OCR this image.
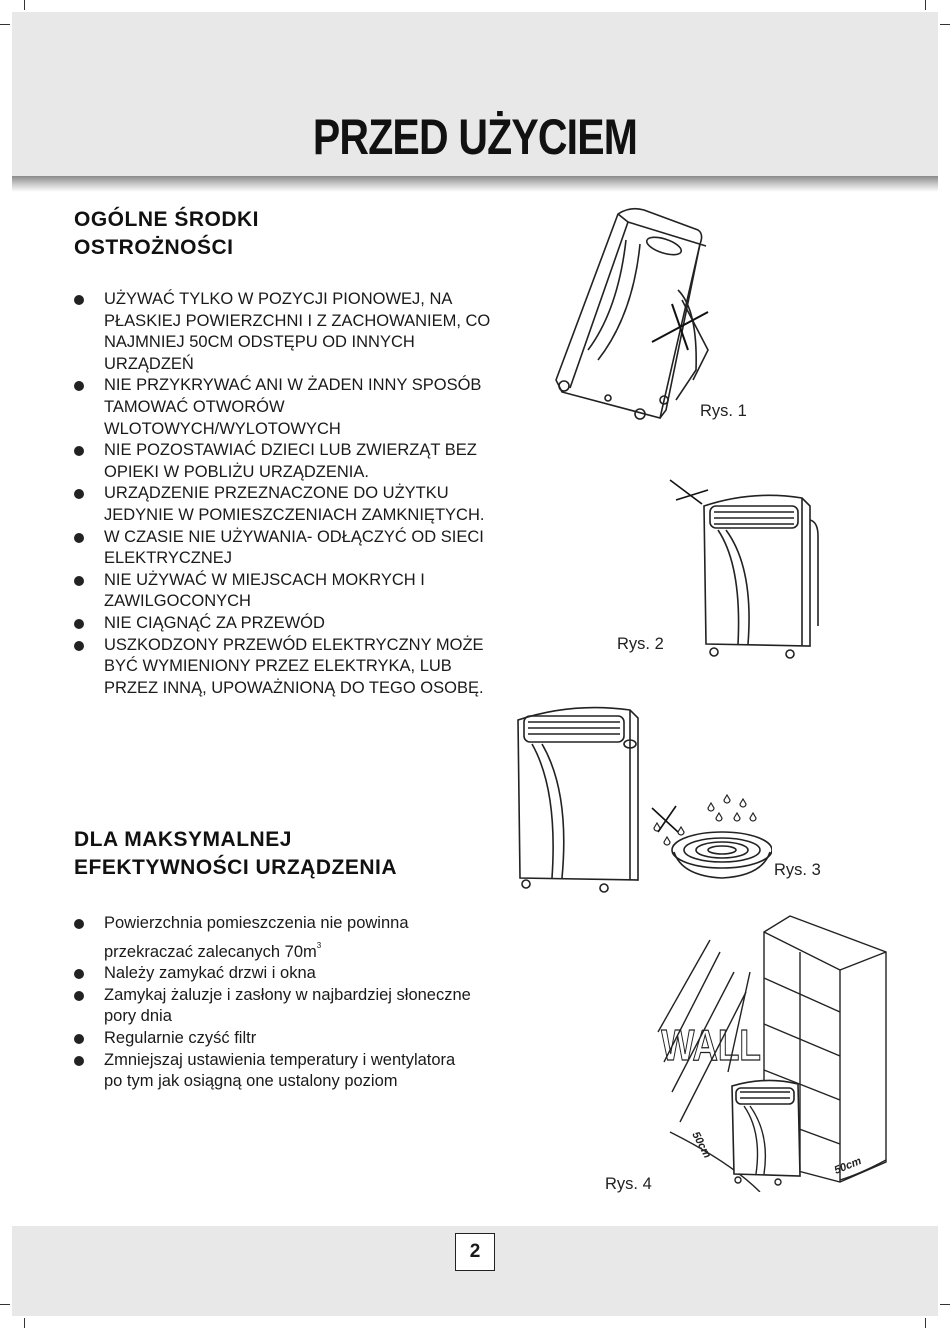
PRZED UŻYCIEM
OGÓLNE ŚRODKI
OSTROŻNOŚCI
UŻYWAĆ TYLKO W POZYCJI PIONOWEJ, NA PŁASKIEJ POWIERZCHNI I Z ZACHOWANIEM, CO NAJMNIEJ 50CM ODSTĘPU OD INNYCH URZĄDZEŃ
NIE PRZYKRYWAĆ ANI W ŻADEN INNY SPOSÓB TAMOWAĆ OTWORÓW WLOTOWYCH/WYLOTOWYCH
NIE POZOSTAWIAĆ DZIECI LUB ZWIERZĄT BEZ OPIEKI W POBLIŻU URZĄDZENIA.
URZĄDZENIE PRZEZNACZONE DO UŻYTKU JEDYNIE W POMIESZCZENIACH ZAMKNIĘTYCH.
W CZASIE NIE UŻYWANIA- ODŁĄCZYĆ OD SIECI ELEKTRYCZNEJ
NIE UŻYWAĆ W MIEJSCACH MOKRYCH I ZAWILGOCONYCH
NIE CIĄGNĄĆ ZA PRZEWÓD
USZKODZONY PRZEWÓD ELEKTRYCZNY MOŻE BYĆ WYMIENIONY PRZEZ ELEKTRYKA, LUB PRZEZ INNĄ, UPOWAŻNIONĄ DO TEGO OSOBĘ.
DLA MAKSYMALNEJ
EFEKTYWNOŚCI URZĄDZENIA
Powierzchnia pomieszczenia nie powinna przekraczać zalecanych $70m^3$
Należy zamykać drzwi i okna
Zamykaj żaluzje i zasłony w najbardziej słoneczne pory dnia
Regularnie czyść filtr
Zmniejszaj ustawienia temperatury i wentylatora po tym jak osiągną one ustalony poziom
Rys. 1
Rys. 2
Rys. 3
WALL
50cm
50cm
Rys. 4
2
